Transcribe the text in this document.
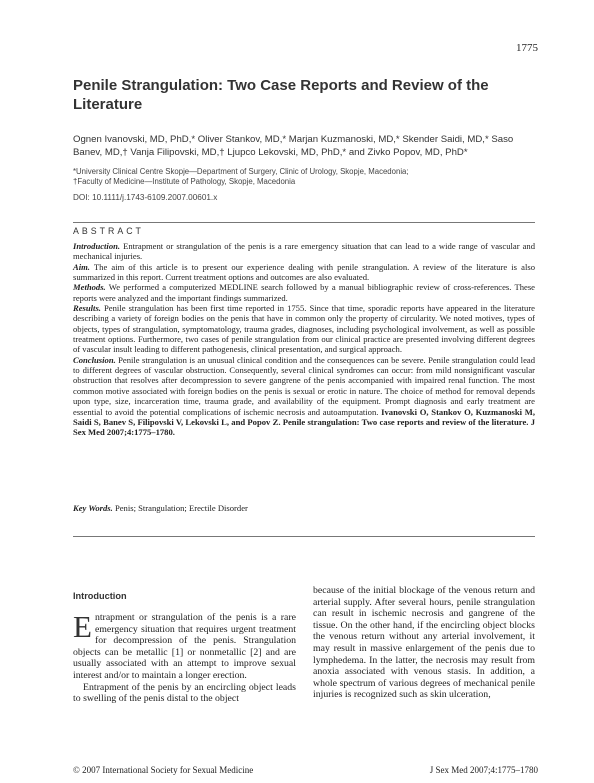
1775
Penile Strangulation: Two Case Reports and Review of the Literature
Ognen Ivanovski, MD, PhD,* Oliver Stankov, MD,* Marjan Kuzmanoski, MD,* Skender Saidi, MD,* Saso Banev, MD,† Vanja Filipovski, MD,† Ljupco Lekovski, MD, PhD,* and Zivko Popov, MD, PhD*
*University Clinical Centre Skopje—Department of Surgery, Clinic of Urology, Skopje, Macedonia;
†Faculty of Medicine—Institute of Pathology, Skopje, Macedonia
DOI: 10.1111/j.1743-6109.2007.00601.x
ABSTRACT

Introduction. Entrapment or strangulation of the penis is a rare emergency situation that can lead to a wide range of vascular and mechanical injuries.

Aim. The aim of this article is to present our experience dealing with penile strangulation. A review of the literature is also summarized in this report. Current treatment options and outcomes are also evaluated.

Methods. We performed a computerized MEDLINE search followed by a manual bibliographic review of cross-references. These reports were analyzed and the important findings summarized.

Results. Penile strangulation has been first time reported in 1755. Since that time, sporadic reports have appeared in the literature describing a variety of foreign bodies on the penis that have in common only the property of circularity. We noted motives, types of objects, types of strangulation, symptomatology, trauma grades, diagnoses, including psychological involvement, as well as possible treatment options. Furthermore, two cases of penile strangulation from our clinical practice are presented involving different degrees of vascular insult leading to different pathogenesis, clinical presentation, and surgical approach.

Conclusion. Penile strangulation is an unusual clinical condition and the consequences can be severe. Penile strangulation could lead to different degrees of vascular obstruction. Consequently, several clinical syndromes can occur: from mild nonsignificant vascular obstruction that resolves after decompression to severe gangrene of the penis accompanied with impaired renal function. The most common motive associated with foreign bodies on the penis is sexual or erotic in nature. The choice of method for removal depends upon type, size, incarceration time, trauma grade, and availability of the equipment. Prompt diagnosis and early treatment are essential to avoid the potential complications of ischemic necrosis and autoamputation. Ivanovski O, Stankov O, Kuzmanoski M, Saidi S, Banev S, Filipovski V, Lekovski L, and Popov Z. Penile strangulation: Two case reports and review of the literature. J Sex Med 2007;4:1775–1780.

Key Words. Penis; Strangulation; Erectile Disorder
Introduction

Entrapment or strangulation of the penis is a rare emergency situation that requires urgent treatment for decompression of the penis. Strangulation objects can be metallic [1] or nonmetallic [2] and are usually associated with an attempt to improve sexual interest and/or to maintain a longer erection.

Entrapment of the penis by an encircling object leads to swelling of the penis distal to the object

because of the initial blockage of the venous return and arterial supply. After several hours, penile strangulation can result in ischemic necrosis and gangrene of the tissue. On the other hand, if the encircling object blocks the venous return without any arterial involvement, it may result in massive enlargement of the penis due to lymphedema. In the latter, the necrosis may result from anoxia associated with venous stasis. In addition, a whole spectrum of various degrees of mechanical penile injuries is recognized such as skin ulceration,

© 2007 International Society for Sexual Medicine	J Sex Med 2007;4:1775–1780
